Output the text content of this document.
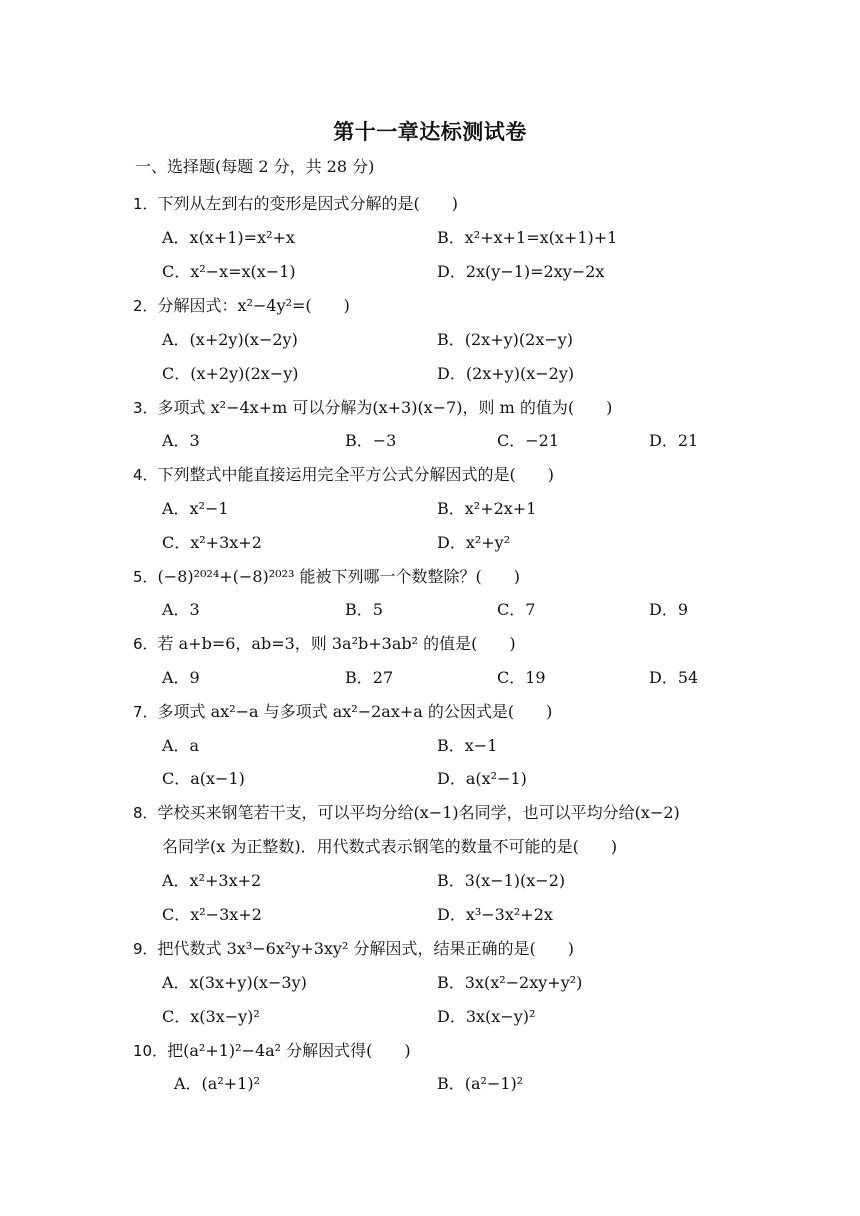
第十一章达标测试卷
一、选择题(每题 2 分，共 28 分)
1．下列从左到右的变形是因式分解的是(　　)
A．x(x+1)=x²+x	B．x²+x+1=x(x+1)+1
C．x²−x=x(x−1)	D．2x(y−1)=2xy−2x
2．分解因式：x²−4y²=(　　)
A．(x+2y)(x−2y)	B．(2x+y)(2x−y)
C．(x+2y)(2x−y)	D．(2x+y)(x−2y)
3．多项式 x²−4x+m 可以分解为(x+3)(x−7)，则 m 的值为(　　)
A．3	B．−3	C．−21	D．21
4．下列整式中能直接运用完全平方公式分解因式的是(　　)
A．x²−1	B．x²+2x+1
C．x²+3x+2	D．x²+y²
5．(−8)²⁰²⁴+(−8)²⁰²³ 能被下列哪一个数整除？(　　)
A．3	B．5	C．7	D．9
6．若 a+b=6，ab=3，则 3a²b+3ab² 的值是(　　)
A．9	B．27	C．19	D．54
7．多项式 ax²−a 与多项式 ax²−2ax+a 的公因式是(　　)
A．a	B．x−1
C．a(x−1)	D．a(x²−1)
8．学校买来钢笔若干支，可以平均分给(x−1)名同学，也可以平均分给(x−2)
名同学(x 为正整数)．用代数式表示钢笔的数量不可能的是(　　)
A．x²+3x+2	B．3(x−1)(x−2)
C．x²−3x+2	D．x³−3x²+2x
9．把代数式 3x³−6x²y+3xy² 分解因式，结果正确的是(　　)
A．x(3x+y)(x−3y)	B．3x(x²−2xy+y²)
C．x(3x−y)²	D．3x(x−y)²
10．把(a²+1)²−4a² 分解因式得(　　)
A．(a²+1)²	B．(a²−1)²
